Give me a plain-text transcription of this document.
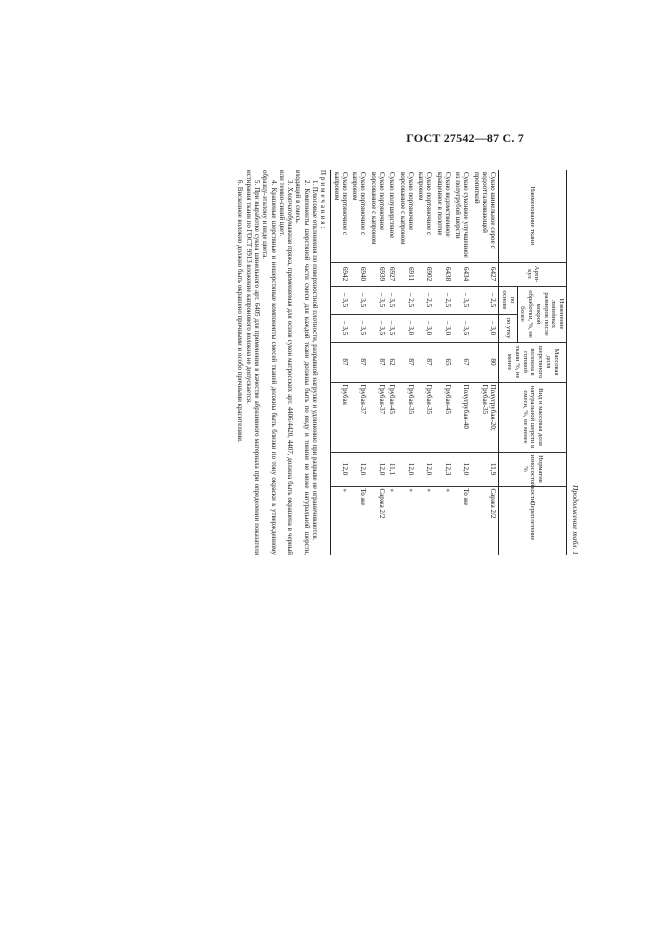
ГОСТ 27542—87 С. 7
Продолжение табл. 1
Наименование ткани	Арти-кул	Изменение линейных размеров после мокрой обработки, %, не более		Массовая доля шерстяного волокна в готовой ткани %, не менее	Вид и массовая доля натуральной шерсти в смеси, %, не менее	Норматив износостойкости, %	Переплетение
		по основе	по утку				
Сукно шинельное серое с водоотталкивающей пропиткой	6427	– 2,5	– 3,0	80	Полугрубая-20; Грубая-35	11,9	Саржа 2/2
Сукно суконное улучшенное из полугрубой шерсти	6434	– 3,5	– 3,5	67	Полугрубая-40	12,0	То же
Сукно ведомственное кращенное в полотне	6438	– 2,5	– 3,0	65	Грубая-45	12,3	»
Сукно портяночное с капроном	6902	– 2,5	– 3,0	87	Грубая-35	12,0	»
Сукно портяночное ворсованное с капроном	6911	– 2,5	– 3,0	87	Грубая-35	12,0	»
Сукно полушерстяное	6927	– 3,5	– 3,5	62	Грубая-45	11,1	»
Сукно портяночное ворсованное с капроном	6939	– 3,5	– 3,5	87	Грубая-37	12,0	Саржа 2/2
Сукно портяночное с капроном	6940	– 3,5	– 3,5	87	Грубая-37	12,0	То же
Сукно портяночное с капроном	6942	– 3,5	– 3,5	87	Грубая	12,0	»
Примечания:

1. Плюсовые отклонения по поверхностной плотности, разрывной нагрузке и удлинению при разрыве не ограничиваются.

2. Компоненты шерстяной части смеси для каждой ткани должны быть по виду и тонине не ниже натуральной шерсти, входящей в смесь.

3. Хлопчатобумажная пряжа, применяемая для основ сукон матросских арт. 4406/4420, 4407, должна быть окрашена в черный или темно-синий цвет.

4. Крашеные шерстяные и нешерстяные компоненты смесей тканей должны быть близки по тону окраски к утвержденному образцу-эталону и виде цвета.

5. При выработке сукна шинельного арт. 6405 для применения в качестве абразивного материала при определении показателя истирания ткани по ГОСТ 9913 вложение капронового волокна не допускается.

6. Вискозное волокно должно быть окрашено прочными и особо прочными красителями.
